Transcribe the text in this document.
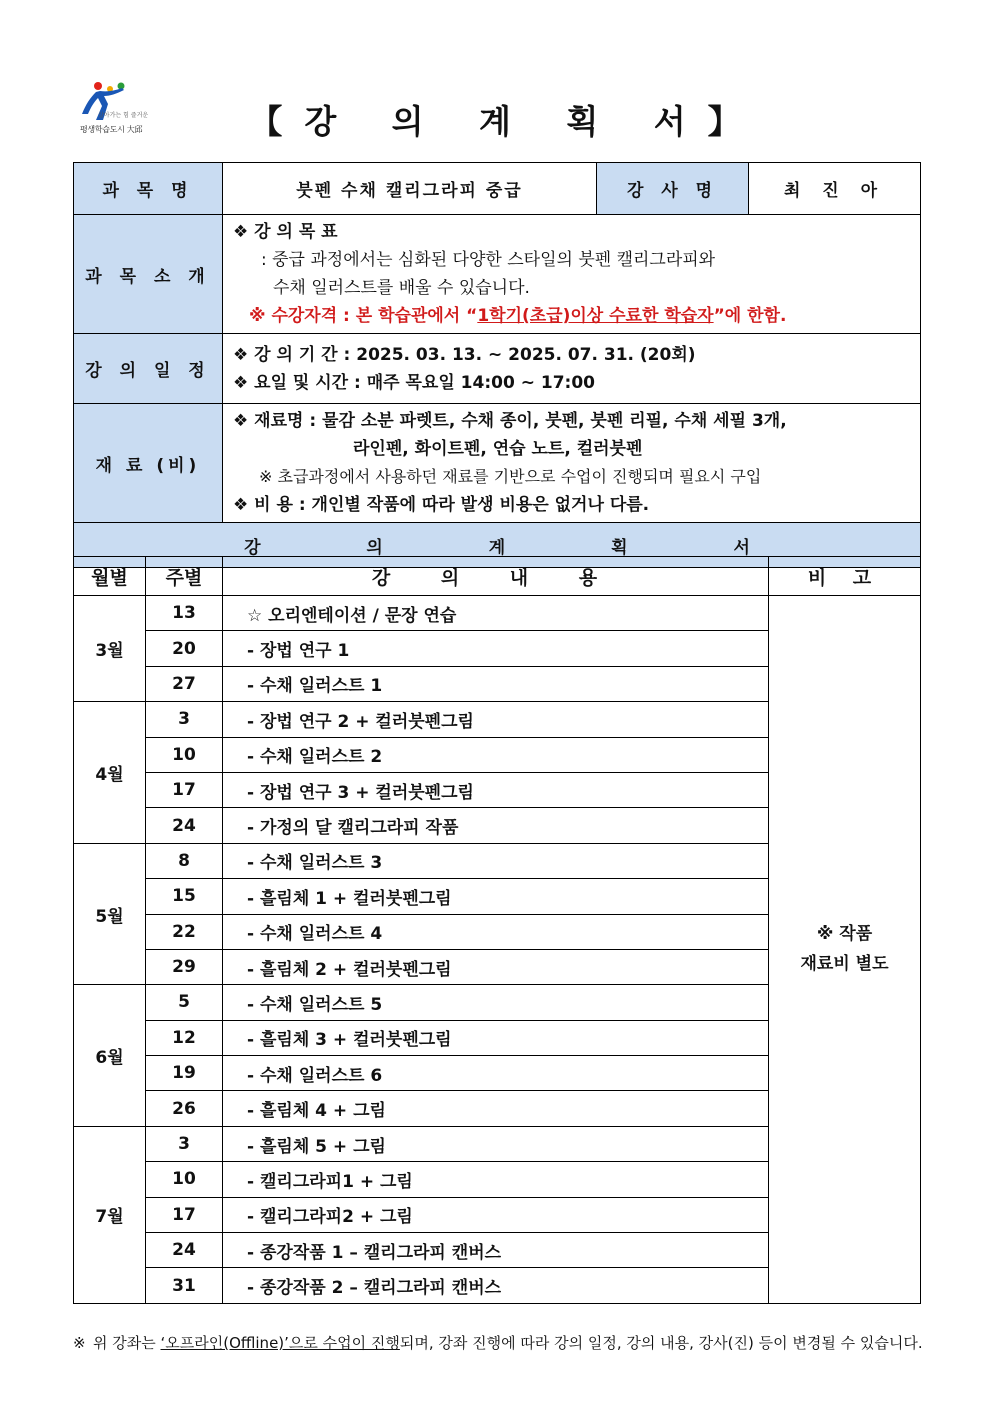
살아가는 힘 즐거운
평생학습도시 大邱	【강 의 계 획 서】
과 목 명	붓펜 수채 캘리그라피 중급	강 사 명	최 진 아
과 목 소 개	❖ 강 의 목 표
: 중급 과정에서는 심화된 다양한 스타일의 붓펜 캘리그라피와
수채 일러스트를 배울 수 있습니다.
※ 수강자격 : 본 학습관에서 “1학기(초급)이상 수료한 학습자”에 한함.		

강 의 일 정	❖ 강 의 기 간 : 2025. 03. 13. ~ 2025. 07. 31. (20회)
❖ 요일 및 시간 : 매주 목요일 14:00 ~ 17:00		

재 료 (비)	❖ 재료명 : 물감 소분 파렛트, 수채 종이, 붓펜, 붓펜 리필, 수채 세필 3개,
라인펜, 화이트펜, 연습 노트, 컬러붓펜
※ 초급과정에서 사용하던 재료를 기반으로 수업이 진행되며 필요시 구입
❖ 비 용 : 개인별 작품에 따라 발생 비용은 없거나 다름.		

강 의 계 획 서			
월별	주별	강 의 내 용	비 고
3월	13	☆ 오리엔테이션 / 문장 연습	※ 작품
재료비 별도

	20	- 장법 연구 1	
	27	- 수채 일러스트 1	
4월	3	- 장법 연구 2 + 컬러붓펜그림	
	10	- 수채 일러스트 2	
	17	- 장법 연구 3 + 컬러붓펜그림	
	24	- 가정의 달 캘리그라피 작품	
5월	8	- 수채 일러스트 3	
	15	- 흘림체 1 + 컬러붓펜그림	
	22	- 수채 일러스트 4	
	29	- 흘림체 2 + 컬러붓펜그림	
6월	5	- 수채 일러스트 5	
	12	- 흘림체 3 + 컬러붓펜그림	
	19	- 수채 일러스트 6	
	26	- 흘림체 4 + 그림	
7월	3	- 흘림체 5 + 그림	
	10	- 캘리그라피1 + 그림	
	17	- 캘리그라피2 + 그림	
	24	- 종강작품 1 – 캘리그라피 캔버스	
	31	- 종강작품 2 – 캘리그라피 캔버스	
※ 위 강좌는 ‘오프라인(Offline)’으로 수업이 진행되며, 강좌 진행에 따라 강의 일정, 강의 내용, 강사(진) 등이 변경될 수 있습니다.
